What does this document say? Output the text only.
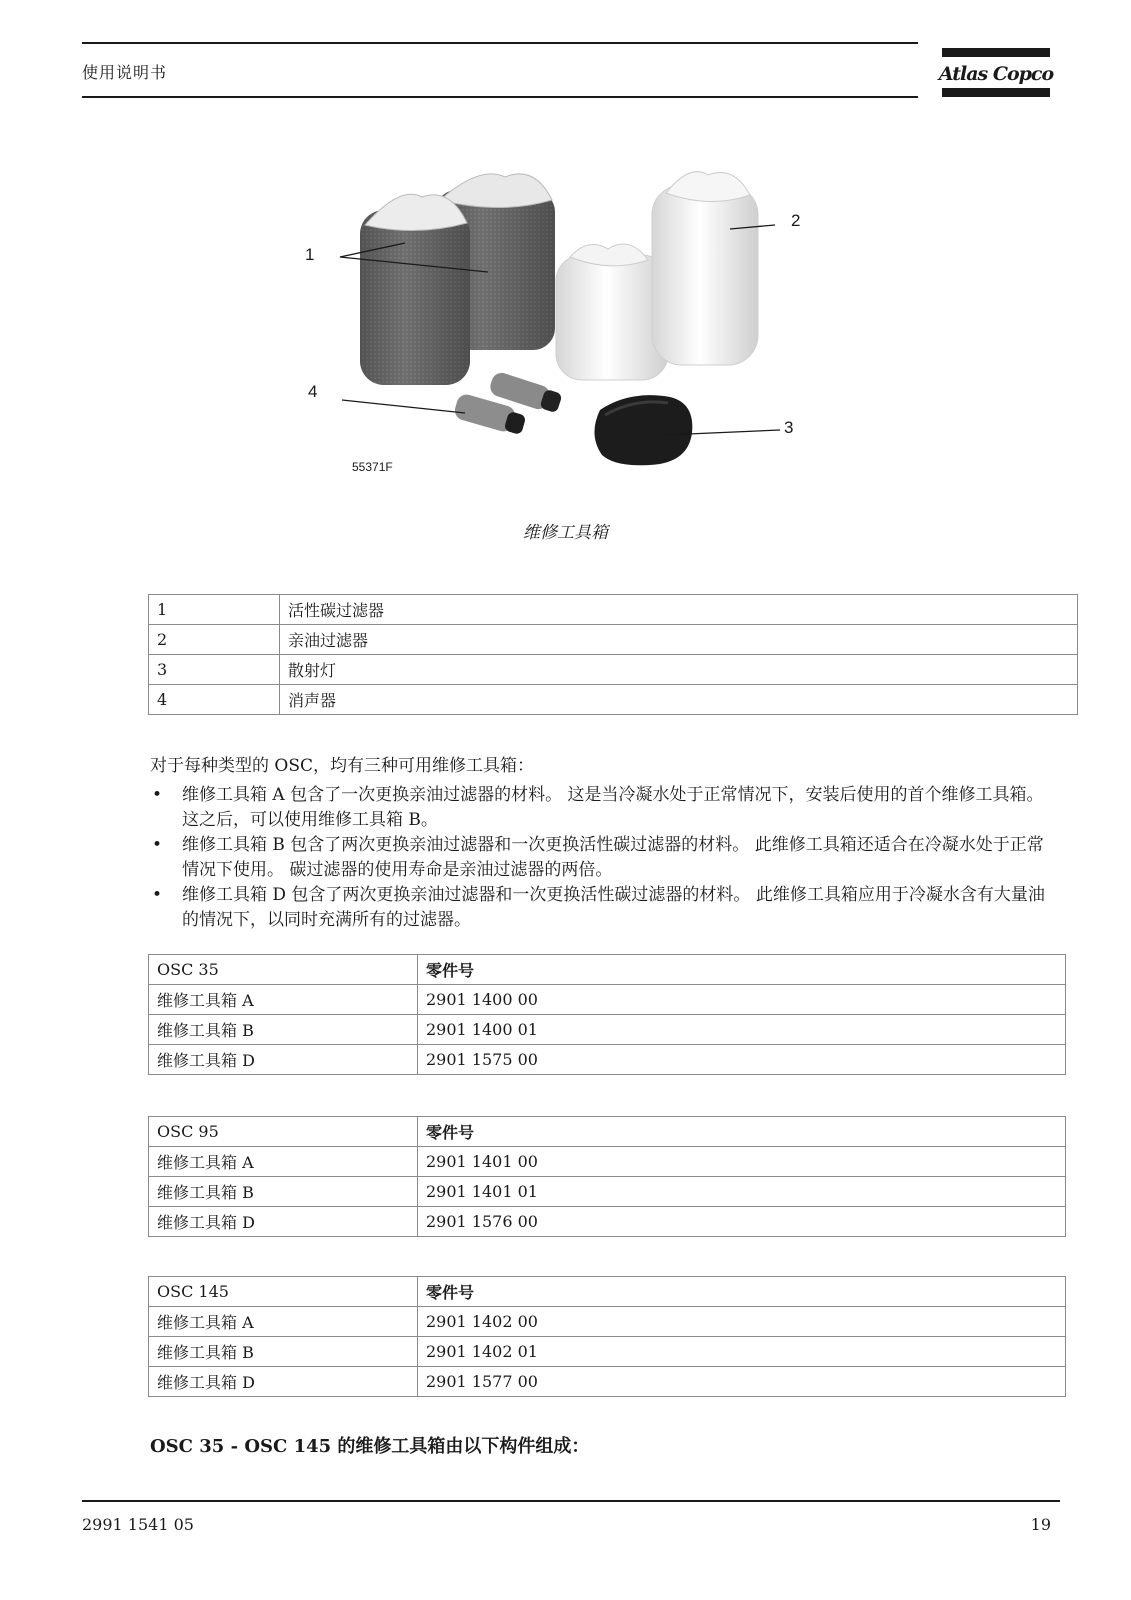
使用说明书	Atlas Copco
1
2
3
4
55371F
维修工具箱
1	活性碳过滤器
2	亲油过滤器
3	散射灯
4	消声器
对于每种类型的 OSC，均有三种可用维修工具箱：
• 维修工具箱 A 包含了一次更换亲油过滤器的材料。 这是当冷凝水处于正常情况下，安装后使用的首个维修工具箱。 这之后，可以使用维修工具箱 B。
• 维修工具箱 B 包含了两次更换亲油过滤器和一次更换活性碳过滤器的材料。 此维修工具箱还适合在冷凝水处于正常情况下使用。 碳过滤器的使用寿命是亲油过滤器的两倍。
• 维修工具箱 D 包含了两次更换亲油过滤器和一次更换活性碳过滤器的材料。 此维修工具箱应用于冷凝水含有大量油的情况下，以同时充满所有的过滤器。
OSC 35	零件号
维修工具箱 A	2901 1400 00
维修工具箱 B	2901 1400 01
维修工具箱 D	2901 1575 00
OSC 95	零件号
维修工具箱 A	2901 1401 00
维修工具箱 B	2901 1401 01
维修工具箱 D	2901 1576 00
OSC 145	零件号
维修工具箱 A	2901 1402 00
维修工具箱 B	2901 1402 01
维修工具箱 D	2901 1577 00
OSC 35 - OSC 145 的维修工具箱由以下构件组成：
2991 1541 05	19
